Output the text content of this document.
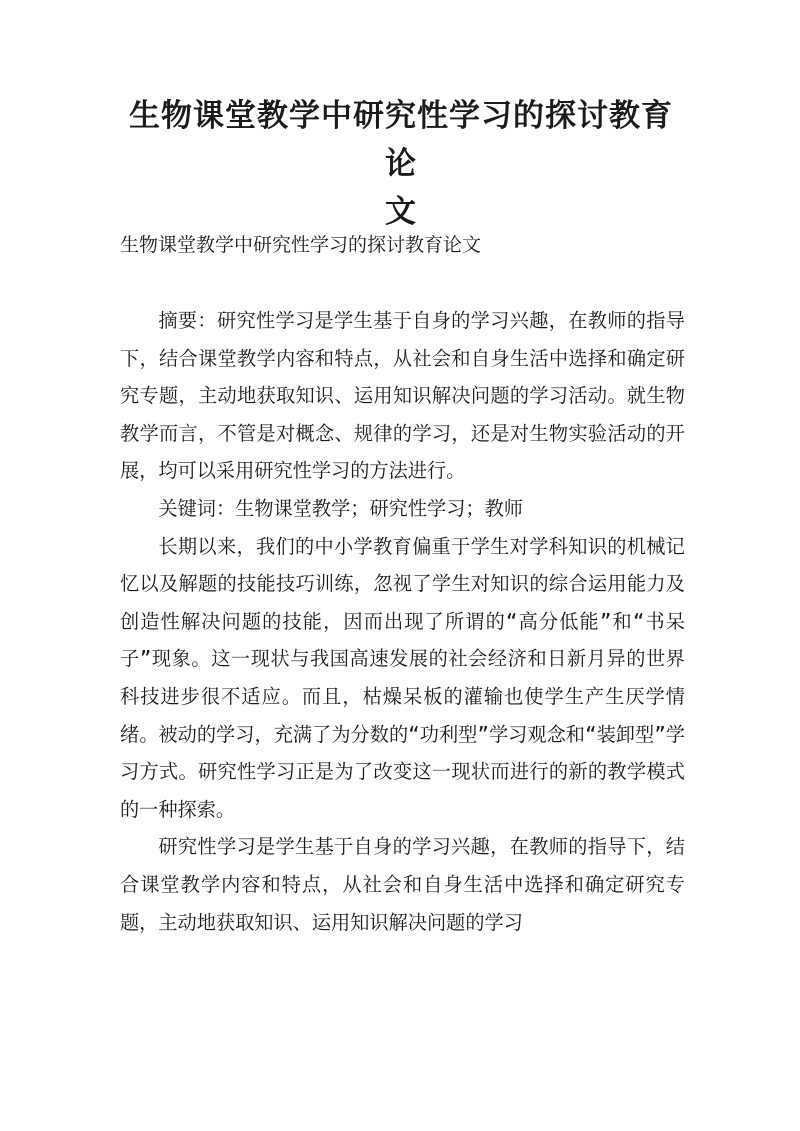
生物课堂教学中研究性学习的探讨教育论
文

生物课堂教学中研究性学习的探讨教育论文

摘要：研究性学习是学生基于自身的学习兴趣，在教师的指导下，结合课堂教学内容和特点，从社会和自身生活中选择和确定研究专题，主动地获取知识、运用知识解决问题的学习活动。就生物教学而言，不管是对概念、规律的学习，还是对生物实验活动的开展，均可以采用研究性学习的方法进行。

关键词：生物课堂教学；研究性学习；教师

长期以来，我们的中小学教育偏重于学生对学科知识的机械记忆以及解题的技能技巧训练，忽视了学生对知识的综合运用能力及创造性解决问题的技能，因而出现了所谓的“高分低能”和“书呆子”现象。这一现状与我国高速发展的社会经济和日新月异的世界科技进步很不适应。而且，枯燥呆板的灌输也使学生产生厌学情绪。被动的学习，充满了为分数的“功利型”学习观念和“装卸型”学习方式。研究性学习正是为了改变这一现状而进行的新的教学模式的一种探索。

研究性学习是学生基于自身的学习兴趣，在教师的指导下，结合课堂教学内容和特点，从社会和自身生活中选择和确定研究专题，主动地获取知识、运用知识解决问题的学习
